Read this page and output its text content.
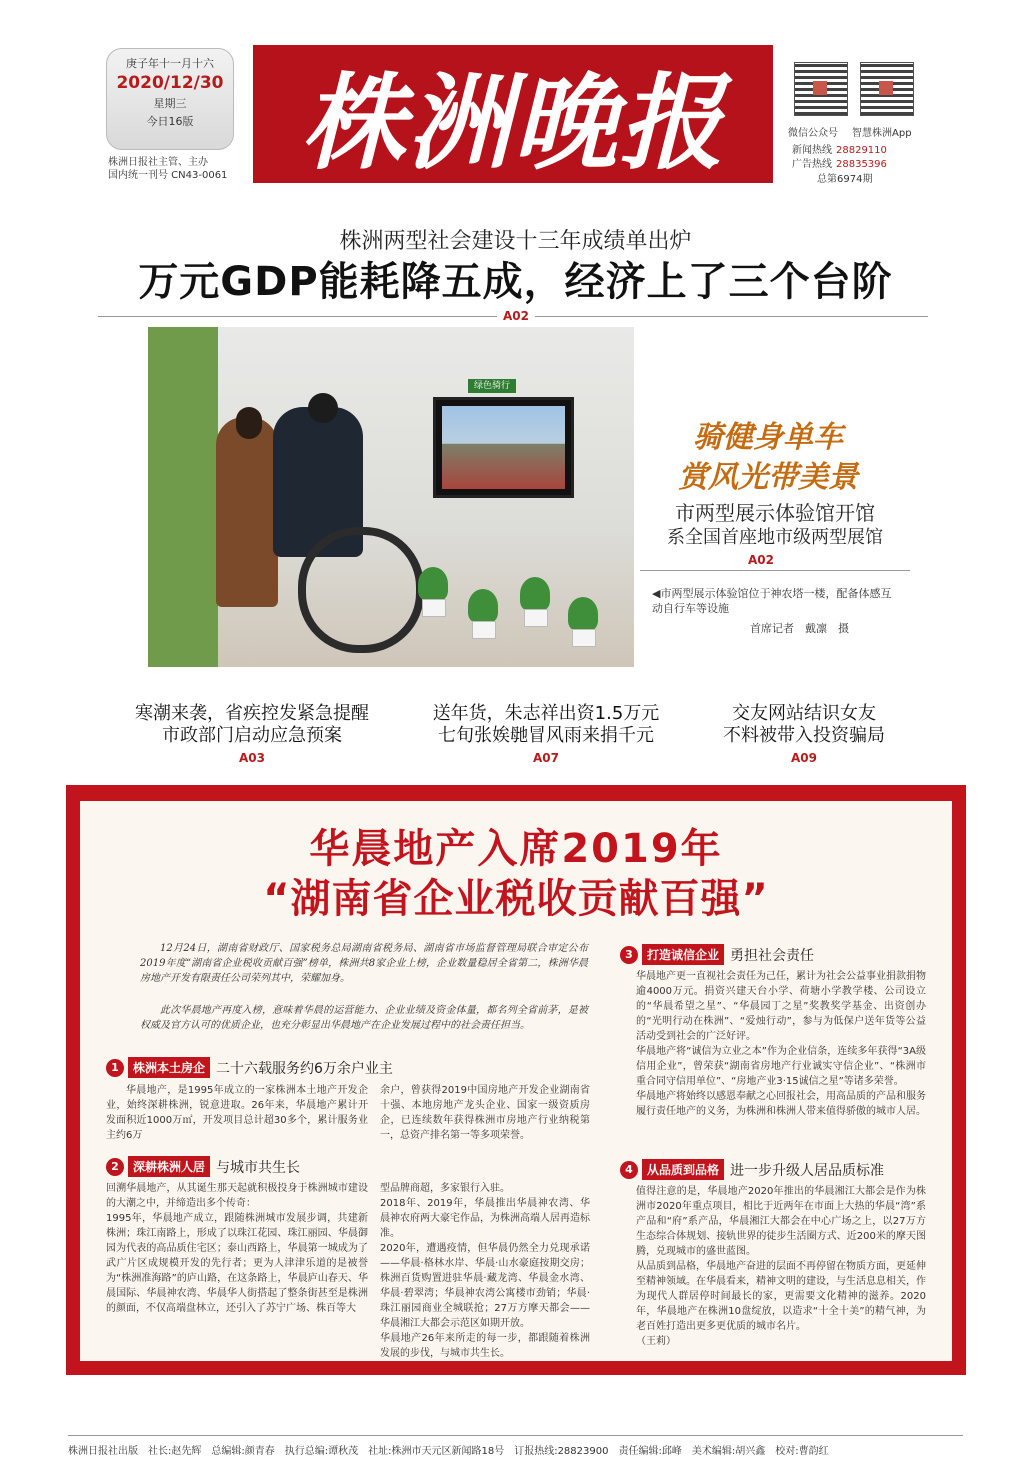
庚子年十一月十六
2020/12/30
星期三
今日16版
株洲日报社主管、主办
国内统一刊号 CN43-0061 株洲晚报	微信公众号 智慧株洲App
新闻热线 28829110
广告热线 28835396
总第6974期
株洲两型社会建设十三年成绩单出炉
万元GDP能耗降五成，经济上了三个台阶
A02
绿色骑行
骑健身单车
赏风光带美景
市两型展示体验馆开馆
系全国首座地市级两型展馆
A02
◀市两型展示体验馆位于神农塔一楼，配备体感互动自行车等设施
首席记者　戴凛　摄
寒潮来袭，省疾控发紧急提醒
市政部门启动应急预案
A03
送年货，朱志祥出资1.5万元
七旬张娭毑冒风雨来捐千元
A07
交友网站结识女友
不料被带入投资骗局
A09
华晨地产入席2019年
“湖南省企业税收贡献百强”
12月24日，湖南省财政厅、国家税务总局湖南省税务局、湖南省市场监督管理局联合审定公布2019年度“湖南省企业税收贡献百强”榜单，株洲共8家企业上榜，企业数量稳居全省第二，株洲华晨房地产开发有限责任公司荣列其中，荣耀加身。
此次华晨地产再度入榜，意味着华晨的运营能力、企业业绩及资金体量，都名列全省前茅，是被权威及官方认可的优质企业，也充分彰显出华晨地产在企业发展过程中的社会责任担当。
1	株洲本土房企 二十六载服务约6万余户业主
华晨地产，是1995年成立的一家株洲本土地产开发企业，始终深耕株洲，锐意进取。26年来，华晨地产累计开发面积近1000万㎡，开发项目总计超30多个，累计服务业主约6万
余户，曾获得2019中国房地产开发企业湖南省十强、本地房地产龙头企业、国家一级资质房企，已连续数年获得株洲市房地产行业纳税第一，总资产排名第一等多项荣誉。
2	深耕株洲人居 与城市共生长
回溯华晨地产，从其诞生那天起就积极投身于株洲城市建设的大潮之中，并缔造出多个传奇：
1995年，华晨地产成立，跟随株洲城市发展步调，共建新株洲；珠江南路上，形成了以珠江花园、珠江丽园、华晨御园为代表的高品质住宅区；泰山西路上，华晨第一城成为了武广片区成规模开发的先行者；更为人津津乐道的是被誉为“株洲准海路”的庐山路，在这条路上，华晨庐山春天、华晨国际、华晨神农湾、华晨华人街搭起了整条街甚至是株洲的颜面，不仅高端盘林立，还引入了苏宁广场、株百等大
型品牌商超，多家银行入驻。
2018年、2019年，华晨推出华晨神农湾、华晨神农府两大豪宅作品，为株洲高端人居再造标准。
2020年，遭遇疫情，但华晨仍然全力兑现承诺——华晨·格林水岸、华晨·山水豪庭按期交房；株洲百货购置进驻华晨·藏龙湾、华晨金水湾、华晨·碧翠湾；华晨神农湾公寓楼市劲销；华晨·珠江丽园商业全城联抢；27万方摩天都会——华晨湘江大都会示范区如期开放。
华晨地产26年来所走的每一步，都跟随着株洲发展的步伐，与城市共生长。
3	打造诚信企业 勇担社会责任
华晨地产更一直视社会责任为己任，累计为社会公益事业捐款捐物逾4000万元。捐资兴建天台小学、荷塘小学教学楼、公司设立的“华晨希望之星”、“华晨园丁之星”奖教奖学基金、出资创办的“光明行动在株洲”、“爱烛行动”，参与为低保户送年货等公益活动受到社会的广泛好评。
华晨地产将“诚信为立业之本”作为企业信条，连续多年获得“3A级信用企业”，曾荣获“湖南省房地产行业诚实守信企业”、“株洲市重合同守信用单位”、“房地产业3·15诚信之星”等诸多荣誉。
华晨地产将始终以感恩奉献之心回报社会，用高品质的产品和服务履行责任地产的义务，为株洲和株洲人带来值得骄傲的城市人居。
4	从品质到品格 进一步升级人居品质标准
值得注意的是，华晨地产2020年推出的华晨湘江大都会是作为株洲市2020年重点项目，相比于近两年在市面上大热的华晨“湾”系产品和“府”系产品，华晨湘江大都会在中心广场之上，以27万方生态综合体规划、接轨世界的徒步生活圈方式、近200米的摩天图腾，兑现城市的盛世蓝图。
从品质到品格，华晨地产奋进的层面不再停留在物质方面，更延伸至精神领域。在华晨看来，精神文明的建设，与生活息息相关，作为现代人群居停时间最长的家，更需要文化精神的滋养。2020年，华晨地产在株洲10盘绽放，以造求“十全十美”的精气神，为老百姓打造出更多更优质的城市名片。
（王莉）
株洲日报社出版　社长:赵先辉　总编辑:颜青春　执行总编:谭秋茂　社址:株洲市天元区新闻路18号　订报热线:28823900　责任编辑:邱峰　美术编辑:胡兴鑫　校对:曹韵红
